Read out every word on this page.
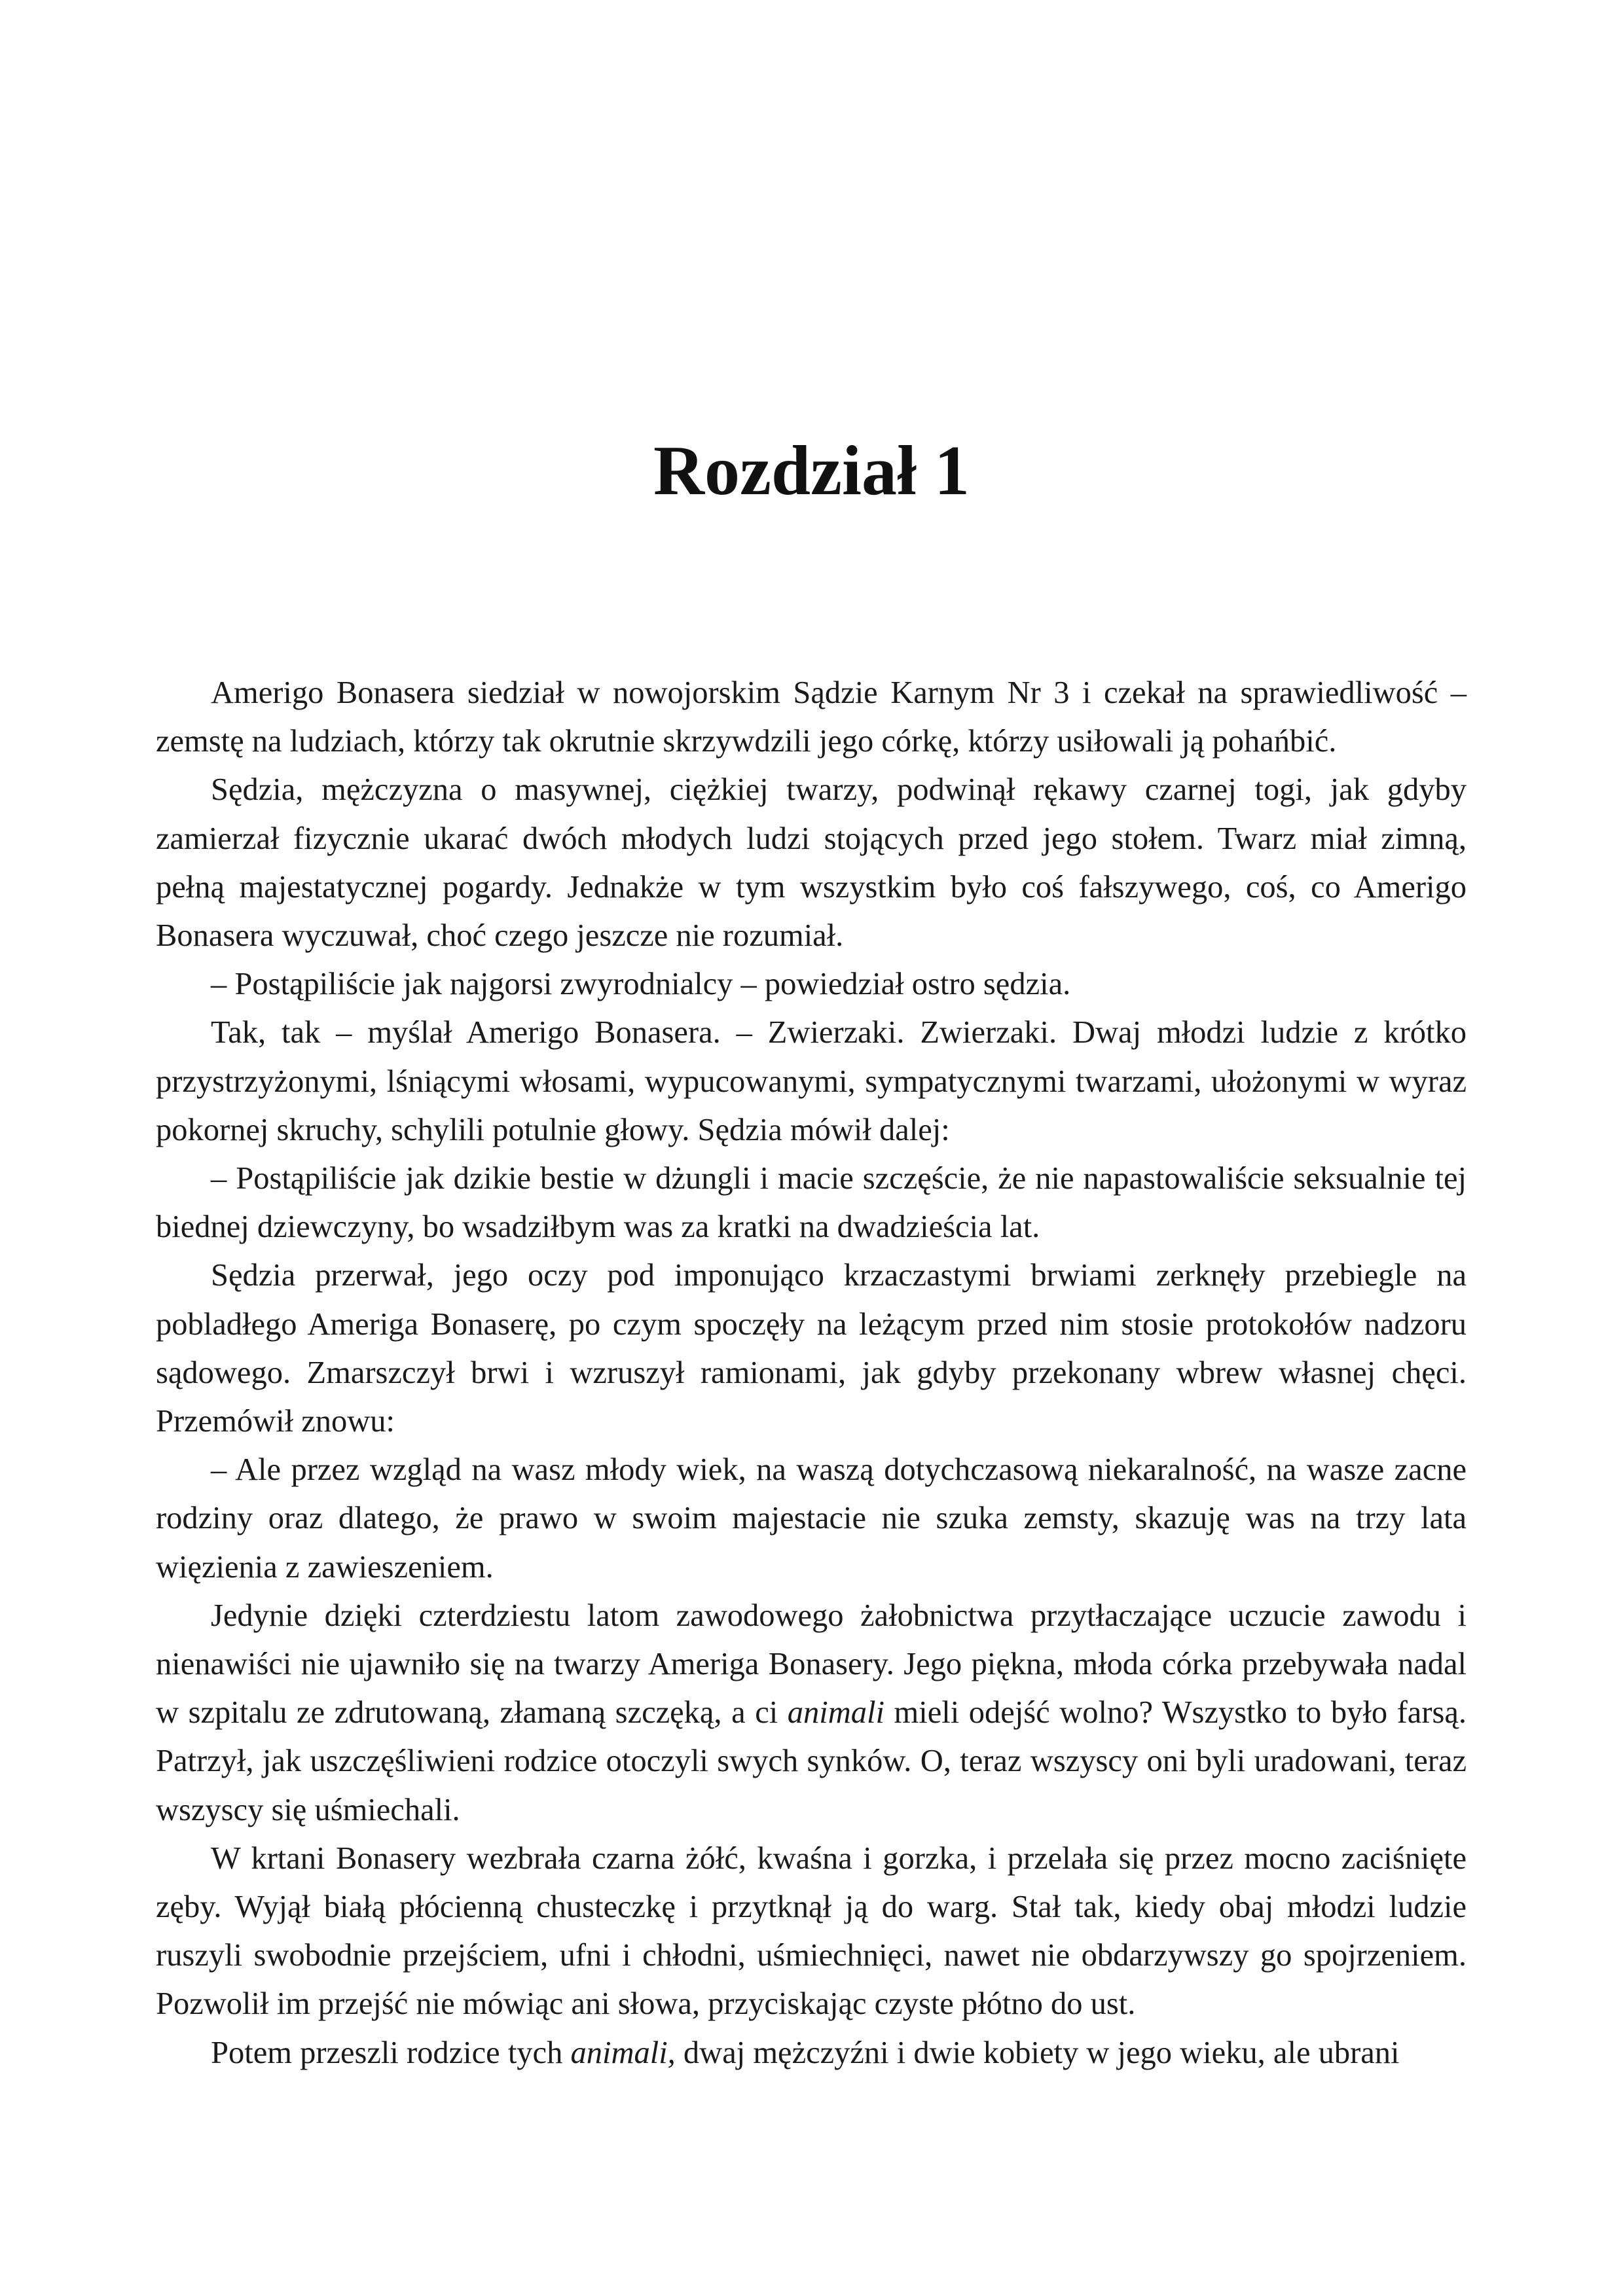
Rozdział 1

Amerigo Bonasera siedział w nowojorskim Sądzie Karnym Nr 3 i czekał na sprawiedliwość – zemstę na ludziach, którzy tak okrutnie skrzywdzili jego córkę, którzy usiłowali ją pohańbić.

Sędzia, mężczyzna o masywnej, ciężkiej twarzy, podwinął rękawy czarnej togi, jak gdyby zamierzał fizycznie ukarać dwóch młodych ludzi stojących przed jego stołem. Twarz miał zimną, pełną majestatycznej pogardy. Jednakże w tym wszystkim było coś fałszywego, coś, co Amerigo Bonasera wyczuwał, choć czego jeszcze nie rozumiał.

– Postąpiliście jak najgorsi zwyrodnialcy – powiedział ostro sędzia.

Tak, tak – myślał Amerigo Bonasera. – Zwierzaki. Zwierzaki. Dwaj młodzi ludzie z krótko przystrzyżonymi, lśniącymi włosami, wypucowanymi, sympatycznymi twarzami, ułożonymi w wyraz pokornej skruchy, schylili potulnie głowy. Sędzia mówił dalej:

– Postąpiliście jak dzikie bestie w dżungli i macie szczęście, że nie napastowaliście seksualnie tej biednej dziewczyny, bo wsadziłbym was za kratki na dwadzieścia lat.

Sędzia przerwał, jego oczy pod imponująco krzaczastymi brwiami zerknęły przebiegle na pobladłego Ameriga Bonaserę, po czym spoczęły na leżącym przed nim stosie protokołów nadzoru sądowego. Zmarszczył brwi i wzruszył ramionami, jak gdyby przekonany wbrew własnej chęci. Przemówił znowu:

– Ale przez wzgląd na wasz młody wiek, na waszą dotychczasową niekaralność, na wasze zacne rodziny oraz dlatego, że prawo w swoim majestacie nie szuka zemsty, skazuję was na trzy lata więzienia z zawieszeniem.

Jedynie dzięki czterdziestu latom zawodowego żałobnictwa przytłaczające uczucie zawodu i nienawiści nie ujawniło się na twarzy Ameriga Bonasery. Jego piękna, młoda córka przebywała nadal w szpitalu ze zdrutowaną, złamaną szczęką, a ci animali mieli odejść wolno? Wszystko to było farsą. Patrzył, jak uszczęśliwieni rodzice otoczyli swych synków. O, teraz wszyscy oni byli uradowani, teraz wszyscy się uśmiechali.

W krtani Bonasery wezbrała czarna żółć, kwaśna i gorzka, i przelała się przez mocno zaciśnięte zęby. Wyjął białą płócienną chusteczkę i przytknął ją do warg. Stał tak, kiedy obaj młodzi ludzie ruszyli swobodnie przejściem, ufni i chłodni, uśmiechnięci, nawet nie obdarzywszy go spojrzeniem. Pozwolił im przejść nie mówiąc ani słowa, przyciskając czyste płótno do ust.

Potem przeszli rodzice tych animali, dwaj mężczyźni i dwie kobiety w jego wieku, ale ubrani
